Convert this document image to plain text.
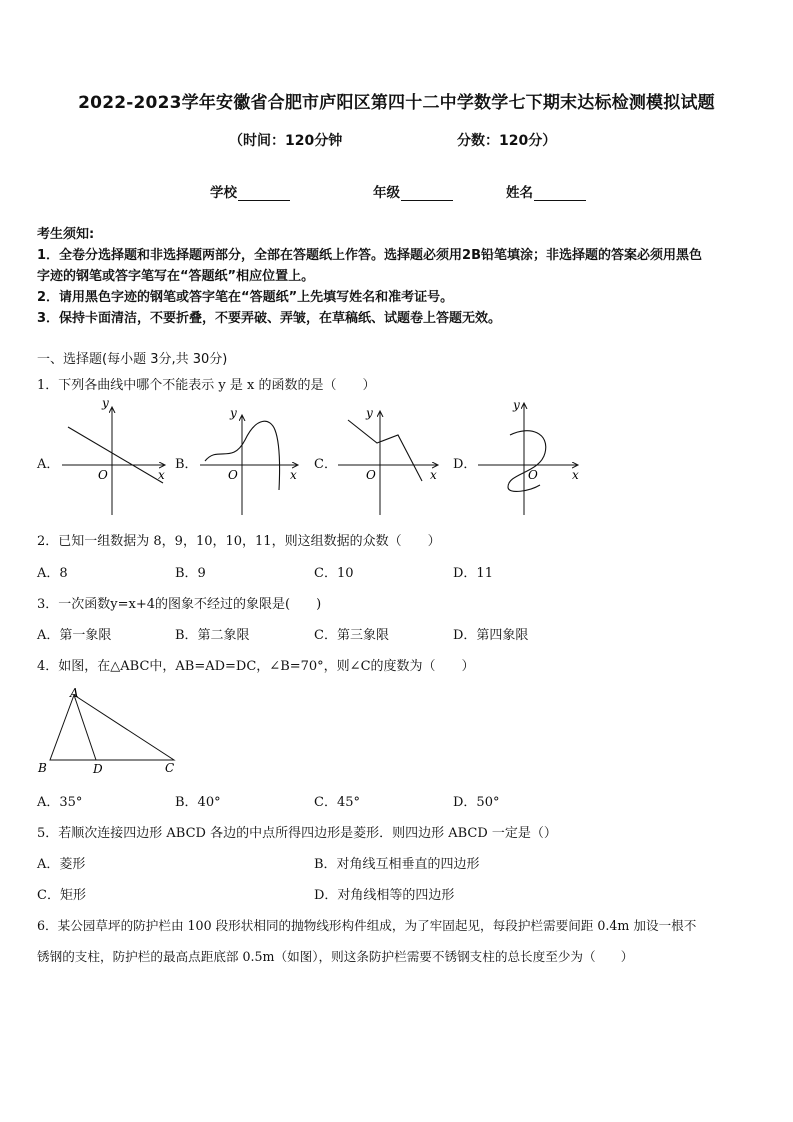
2022-2023学年安徽省合肥市庐阳区第四十二中学数学七下期末达标检测模拟试题
（时间：120分钟	分数：120分）
学校	年级	姓名
考生须知:
1．全卷分选择题和非选择题两部分，全部在答题纸上作答。选择题必须用2B铅笔填涂；非选择题的答案必须用黑色
字迹的钢笔或答字笔写在“答题纸”相应位置上。
2．请用黑色字迹的钢笔或答字笔在“答题纸”上先填写姓名和准考证号。
3．保持卡面清洁，不要折叠，不要弄破、弄皱，在草稿纸、试题卷上答题无效。
一、选择题(每小题 3分,共 30分)
1．下列各曲线中哪个不能表示 y 是 x 的函数的是（　　）
A．	B．	C．	D．
y
x
O
y
x
O
y
x
O
y
x
O
2．已知一组数据为 8，9，10，10，11，则这组数据的众数（　　）
A．8	B．9	C．10	D．11
3．一次函数y=x+4的图象不经过的象限是(　　)
A．第一象限	B．第二象限	C．第三象限	D．第四象限
4．如图，在△ABC中，AB=AD=DC，∠B=70°，则∠C的度数为（　　）
A
B	D	C
A．35°	B．40°	C．45°	D．50°
5．若顺次连接四边形 ABCD 各边的中点所得四边形是菱形．则四边形 ABCD 一定是（）
A．菱形	B．对角线互相垂直的四边形
C．矩形	D．对角线相等的四边形
6．某公园草坪的防护栏由 100 段形状相同的抛物线形构件组成，为了牢固起见，每段护栏需要间距 0.4m 加设一根不
锈钢的支柱，防护栏的最高点距底部 0.5m（如图），则这条防护栏需要不锈钢支柱的总长度至少为（　　）
